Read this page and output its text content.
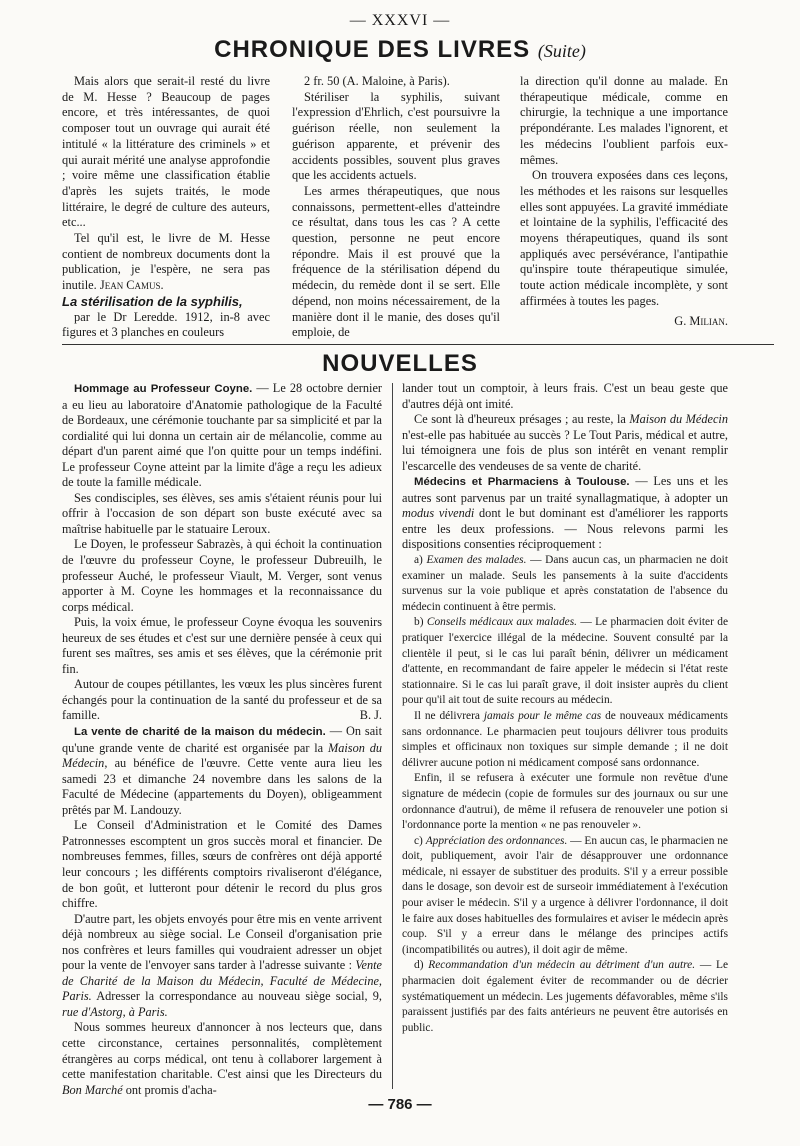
— XXXVI —
CHRONIQUE DES LIVRES (Suite)

Mais alors que serait-il resté du livre de M. Hesse ? Beaucoup de pages encore, et très intéressantes, de quoi composer tout un ouvrage qui aurait été intitulé « la littérature des criminels » et qui aurait mérité une analyse approfondie ; voire même une classification établie d'après les sujets traités, le mode littéraire, le degré de culture des auteurs, etc...

Tel qu'il est, le livre de M. Hesse contient de nombreux documents dont la publication, je l'espère, ne sera pas inutile. Jean Camus.

La stérilisation de la syphilis,

par le Dr Leredde. 1912, in-8 avec figures et 3 planches en couleurs

2 fr. 50 (A. Maloine, à Paris).

Stériliser la syphilis, suivant l'expression d'Ehrlich, c'est poursuivre la guérison réelle, non seulement la guérison apparente, et prévenir des accidents possibles, souvent plus graves que les accidents actuels.

Les armes thérapeutiques, que nous connaissons, permettent-elles d'atteindre ce résultat, dans tous les cas ? A cette question, personne ne peut encore répondre. Mais il est prouvé que la fréquence de la stérilisation dépend du médecin, du remède dont il se sert. Elle dépend, non moins nécessairement, de la manière dont il le manie, des doses qu'il emploie, de

la direction qu'il donne au malade. En thérapeutique médicale, comme en chirurgie, la technique a une importance prépondérante. Les malades l'ignorent, et les médecins l'oublient parfois eux-mêmes.

On trouvera exposées dans ces leçons, les méthodes et les raisons sur lesquelles elles sont appuyées. La gravité immédiate et lointaine de la syphilis, l'efficacité des moyens thérapeutiques, quand ils sont appliqués avec persévérance, l'antipathie qu'inspire toute thérapeutique simulée, toute action médicale incomplète, y sont affirmées à toutes les pages.

G. Milian.

NOUVELLES

Hommage au Professeur Coyne. — Le 28 octobre dernier a eu lieu au laboratoire d'Anatomie pathologique de la Faculté de Bordeaux, une cérémonie touchante par sa simplicité et par la cordialité qui lui donna un certain air de mélancolie, comme au départ d'un parent aimé que l'on quitte pour un temps indéfini. Le professeur Coyne atteint par la limite d'âge a reçu les adieux de toute la famille médicale.

Ses condisciples, ses élèves, ses amis s'étaient réunis pour lui offrir à l'occasion de son départ son buste exécuté avec sa maîtrise habituelle par le statuaire Leroux.

Le Doyen, le professeur Sabrazès, à qui échoit la continuation de l'œuvre du professeur Coyne, le professeur Dubreuilh, le professeur Auché, le professeur Viault, M. Verger, sont venus apporter à M. Coyne les hommages et la reconnaissance du corps médical.

Puis, la voix émue, le professeur Coyne évoqua les souvenirs heureux de ses études et c'est sur une dernière pensée à ceux qui furent ses maîtres, ses amis et ses élèves, que la cérémonie prit fin.

Autour de coupes pétillantes, les vœux les plus sincères furent échangés pour la continuation de la santé du professeur et de sa famille.	B. J.

La vente de charité de la maison du médecin. — On sait qu'une grande vente de charité est organisée par la Maison du Médecin, au bénéfice de l'œuvre. Cette vente aura lieu les samedi 23 et dimanche 24 novembre dans les salons de la Faculté de Médecine (appartements du Doyen), obligeamment prêtés par M. Landouzy.

Le Conseil d'Administration et le Comité des Dames Patronnesses escomptent un gros succès moral et financier. De nombreuses femmes, filles, sœurs de confrères ont déjà apporté leur concours ; les différents comptoirs rivaliseront d'élégance, de bon goût, et lutteront pour détenir le record du plus gros chiffre.

D'autre part, les objets envoyés pour être mis en vente arrivent déjà nombreux au siège social. Le Conseil d'organisation prie nos confrères et leurs familles qui voudraient adresser un objet pour la vente de l'envoyer sans tarder à l'adresse suivante : Vente de Charité de la Maison du Médecin, Faculté de Médecine, Paris. Adresser la correspondance au nouveau siège social, 9, rue d'Astorg, à Paris.

Nous sommes heureux d'annoncer à nos lecteurs que, dans cette circonstance, certaines personnalités, complètement étrangères au corps médical, ont tenu à collaborer largement à cette manifestation charitable. C'est ainsi que les Directeurs du Bon Marché ont promis d'acha-

lander tout un comptoir, à leurs frais. C'est un beau geste que d'autres déjà ont imité.

Ce sont là d'heureux présages ; au reste, la Maison du Médecin n'est-elle pas habituée au succès ? Le Tout Paris, médical et autre, lui témoignera une fois de plus son intérêt en venant remplir l'escarcelle des vendeuses de sa vente de charité.

Médecins et Pharmaciens à Toulouse. — Les uns et les autres sont parvenus par un traité synallagmatique, à adopter un modus vivendi dont le but dominant est d'améliorer les rapports entre les deux professions. — Nous relevons parmi les dispositions consenties réciproquement :

a) Examen des malades. — Dans aucun cas, un pharmacien ne doit examiner un malade. Seuls les pansements à la suite d'accidents survenus sur la voie publique et après constatation de l'absence du médecin continuent à être permis.

b) Conseils médicaux aux malades. — Le pharmacien doit éviter de pratiquer l'exercice illégal de la médecine. Souvent consulté par la clientèle il peut, si le cas lui paraît bénin, délivrer un médicament d'attente, en recommandant de faire appeler le médecin si l'état reste stationnaire. Si le cas lui paraît grave, il doit insister auprès du client pour qu'il ait tout de suite recours au médecin.

Il ne délivrera jamais pour le même cas de nouveaux médicaments sans ordonnance. Le pharmacien peut toujours délivrer tous produits simples et officinaux non toxiques sur simple demande ; il ne doit délivrer aucune potion ni médicament composé sans ordonnance.

Enfin, il se refusera à exécuter une formule non revêtue d'une signature de médecin (copie de formules sur des journaux ou sur une ordonnance d'autrui), de même il refusera de renouveler une potion si l'ordonnance porte la mention « ne pas renouveler ».

c) Appréciation des ordonnances. — En aucun cas, le pharmacien ne doit, publiquement, avoir l'air de désapprouver une ordonnance médicale, ni essayer de substituer des produits. S'il y a erreur possible dans le dosage, son devoir est de surseoir immédiatement à l'exécution pour aviser le médecin. S'il y a urgence à délivrer l'ordonnance, il doit le faire aux doses habituelles des formulaires et aviser le médecin après coup. S'il y a erreur dans le mélange des principes actifs (incompatibilités ou autres), il doit agir de même.

d) Recommandation d'un médecin au détriment d'un autre. — Le pharmacien doit également éviter de recommander ou de décrier systématiquement un médecin. Les jugements défavorables, même s'ils paraissent justifiés par des faits antérieurs ne peuvent être autorisés en public.

— 786 —
